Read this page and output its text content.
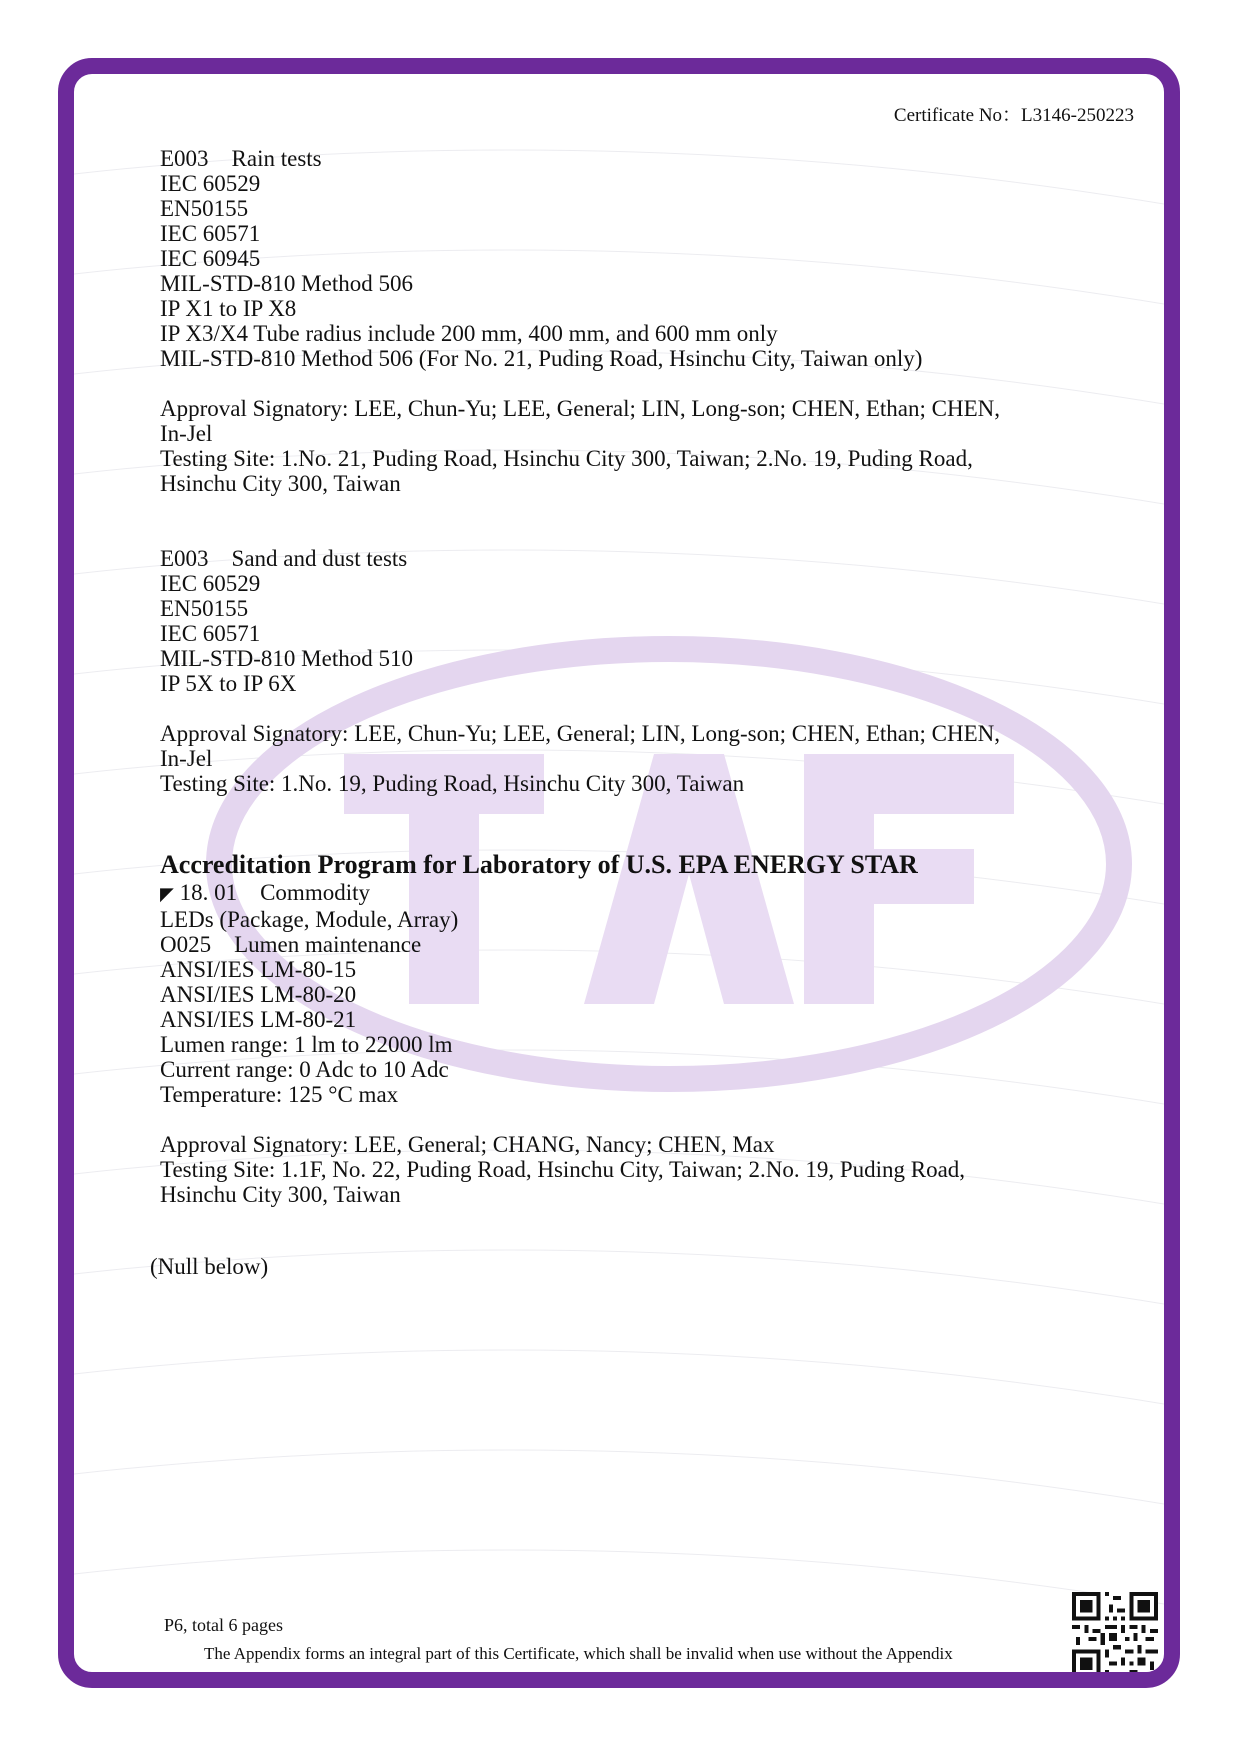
Certificate No：L3146-250223
E003 Rain tests
IEC 60529
EN50155
IEC 60571
IEC 60945
MIL-STD-810 Method 506
IP X1 to IP X8
IP X3/X4 Tube radius include 200 mm, 400 mm, and 600 mm only
MIL-STD-810 Method 506 (For No. 21, Puding Road, Hsinchu City, Taiwan only)
Approval Signatory: LEE, Chun-Yu; LEE, General; LIN, Long-son; CHEN, Ethan; CHEN,
In-Jel
Testing Site: 1.No. 21, Puding Road, Hsinchu City 300, Taiwan; 2.No. 19, Puding Road,
Hsinchu City 300, Taiwan
E003 Sand and dust tests
IEC 60529
EN50155
IEC 60571
MIL-STD-810 Method 510
IP 5X to IP 6X
Approval Signatory: LEE, Chun-Yu; LEE, General; LIN, Long-son; CHEN, Ethan; CHEN,
In-Jel
Testing Site: 1.No. 19, Puding Road, Hsinchu City 300, Taiwan
Accreditation Program for Laboratory of U.S. EPA ENERGY STAR
◤ 18. 01 Commodity
LEDs (Package, Module, Array)
O025 Lumen maintenance
ANSI/IES LM-80-15
ANSI/IES LM-80-20
ANSI/IES LM-80-21
Lumen range: 1 lm to 22000 lm
Current range: 0 Adc to 10 Adc
Temperature: 125 °C max
Approval Signatory: LEE, General; CHANG, Nancy; CHEN, Max
Testing Site: 1.1F, No. 22, Puding Road, Hsinchu City, Taiwan; 2.No. 19, Puding Road,
Hsinchu City 300, Taiwan
(Null below)
P6, total 6 pages
The Appendix forms an integral part of this Certificate, which shall be invalid when use without the Appendix
